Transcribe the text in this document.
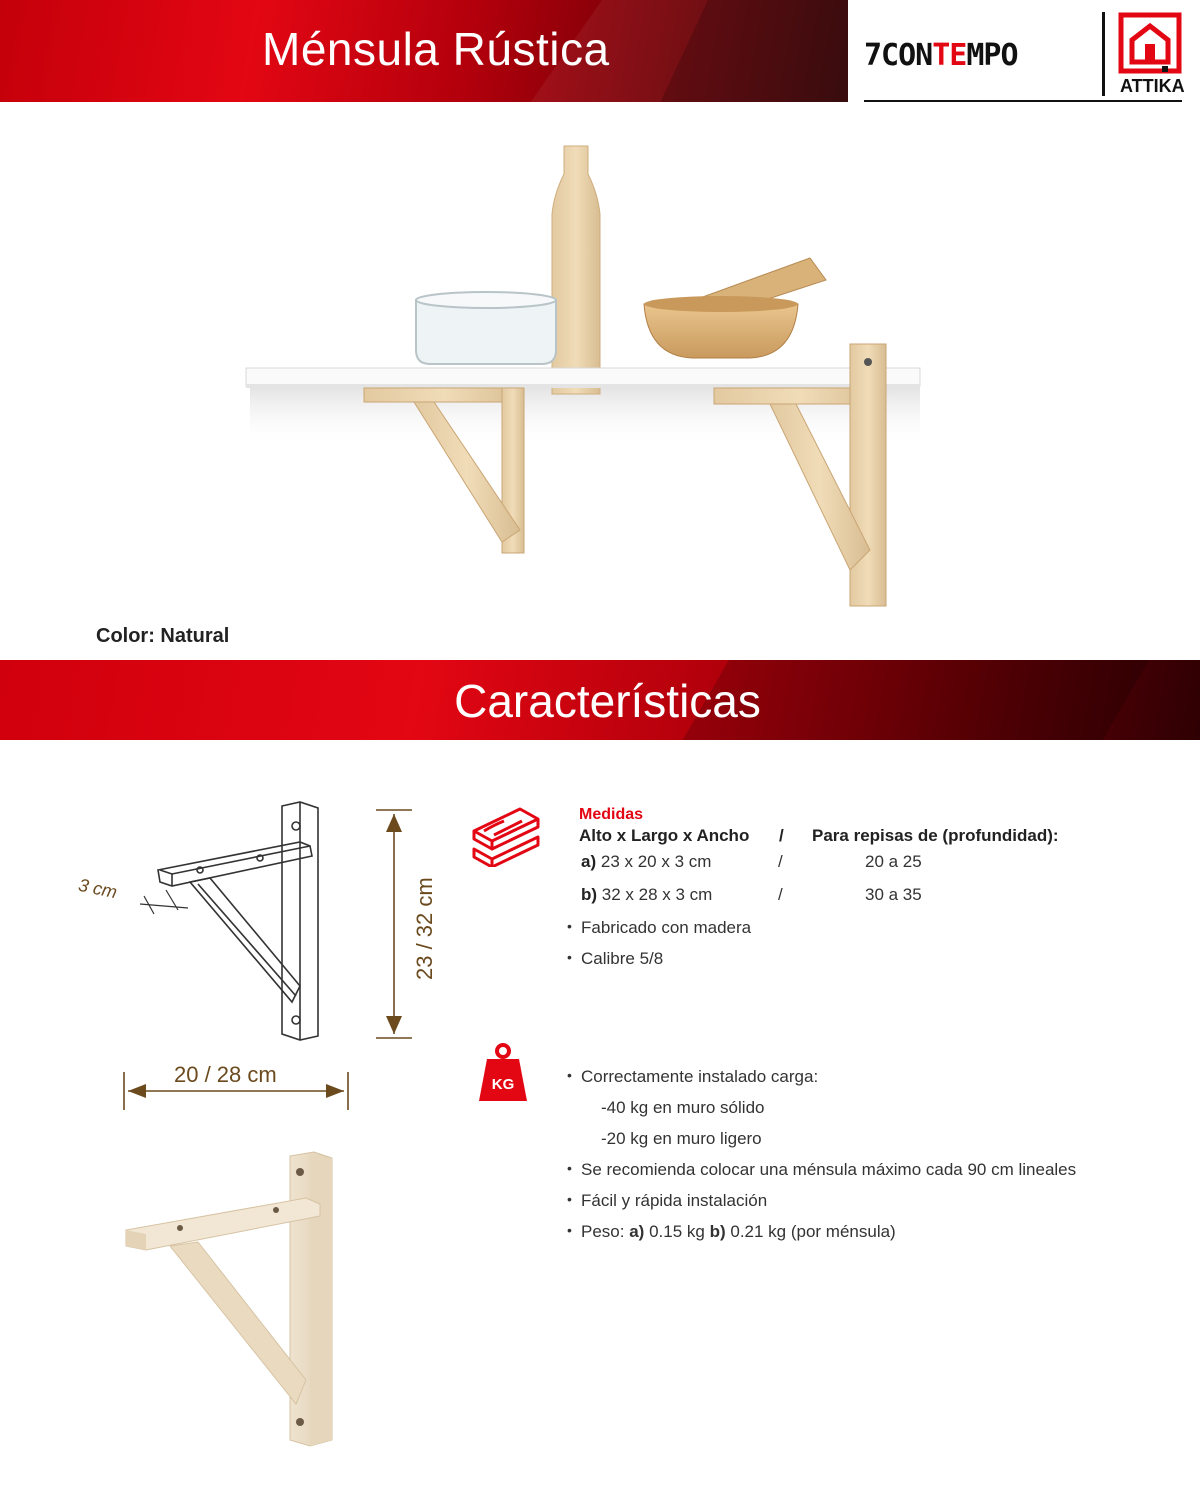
Ménsula Rústica	7CONTEMPO
ATTIKA
Color: Natural
Características
3 cm	23 / 32 cm
20 / 28 cm	KG
Medidas
Alto x Largo x Ancho / Para repisas de (profundidad):
a) 23 x 20 x 3 cm	/	20 a 25
b) 32 x 28 x 3 cm	/	30 a 35
• Fabricado con madera
• Calibre 5/8
• Correctamente instalado carga:
-40 kg en muro sólido
-20 kg en muro ligero
• Se recomienda colocar una ménsula máximo cada 90 cm lineales
• Fácil y rápida instalación
• Peso: a) 0.15 kg b) 0.21 kg (por ménsula)
